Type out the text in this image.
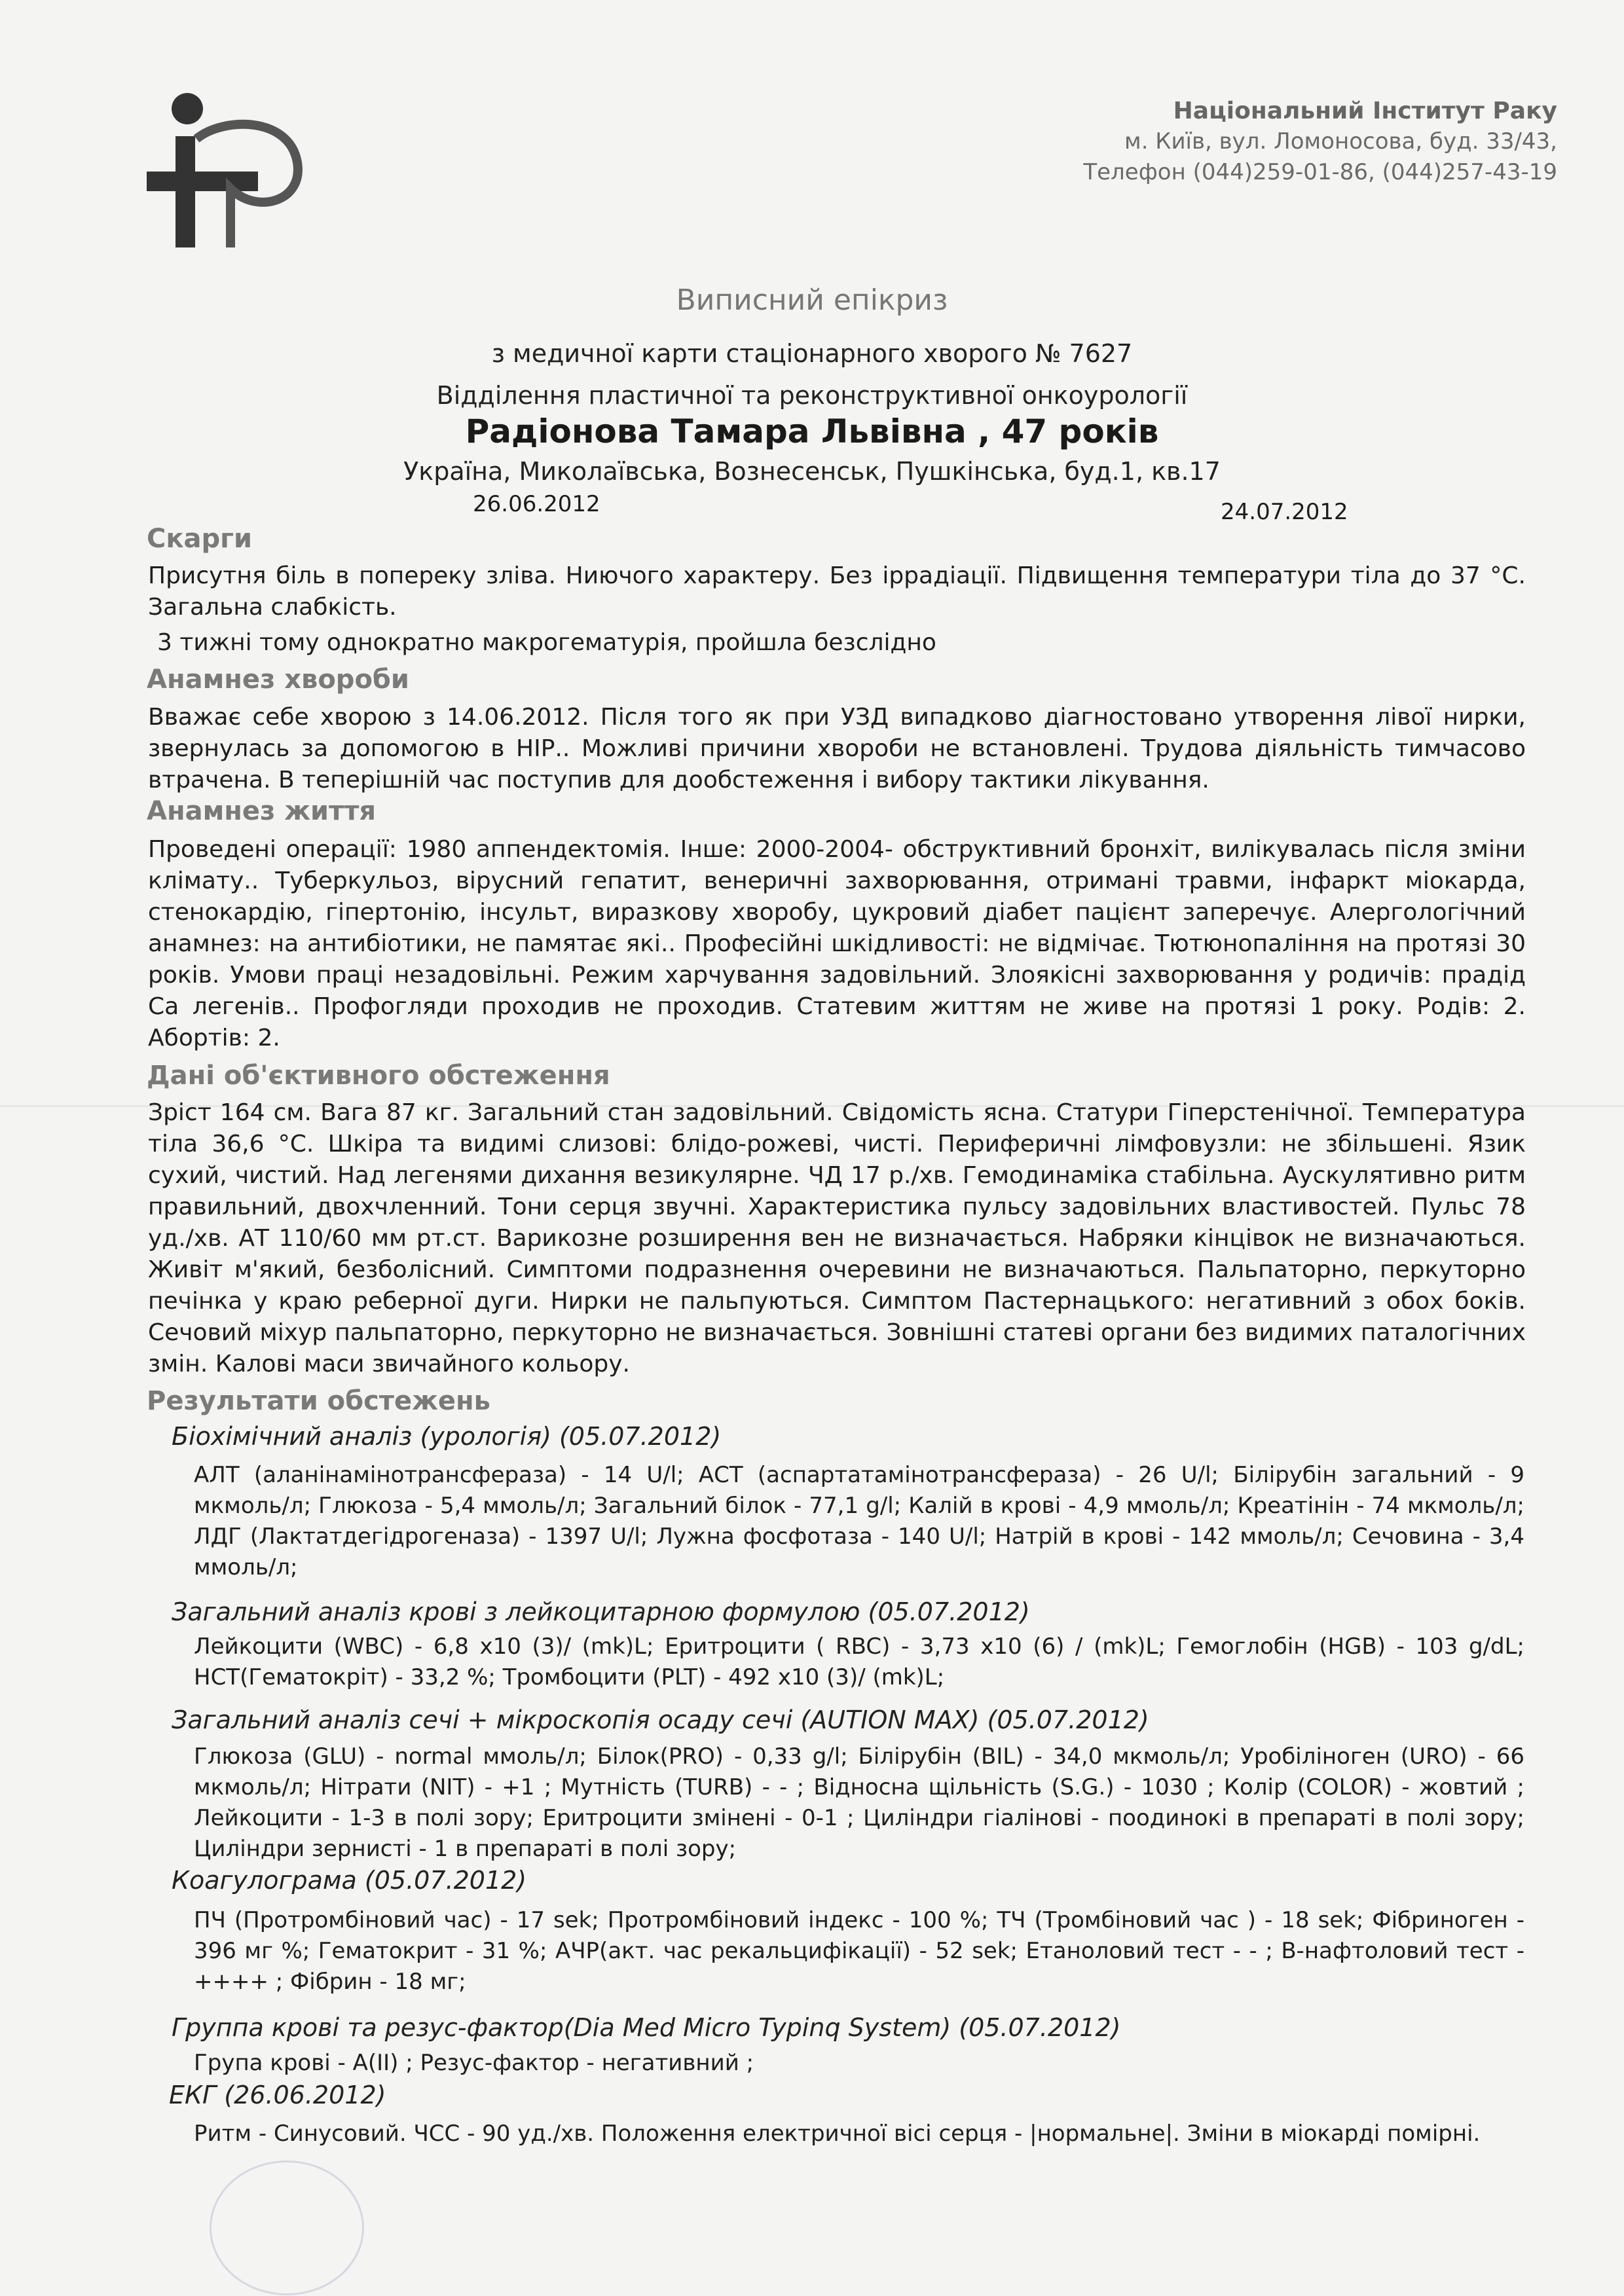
Національний Інститут Раку
м. Київ, вул. Ломоносова, буд. 33/43,
Телефон (044)259-01-86, (044)257-43-19
Виписний епікриз
з медичної карти стаціонарного хворого № 7627
Відділення пластичної та реконструктивної онкоурології
Радіонова Тамара Львівна , 47 років
Україна, Миколаївська, Вознесенськ, Пушкінська, буд.1, кв.17
26.06.2012	24.07.2012
Скарги
Присутня біль в попереку зліва. Ниючого характеру. Без іррадіації. Підвищення температури тіла до 37 °C. Загальна слабкість.
3 тижні тому однократно макрогематурія, пройшла безслідно
Анамнез хвороби
Вважає себе хворою з 14.06.2012. Після того як при УЗД випадково діагностовано утворення лівої нирки, звернулась за допомогою в НІР.. Можливі причини хвороби не встановлені. Трудова діяльність тимчасово втрачена. В теперішній час поступив для дообстеження і вибору тактики лікування.
Анамнез життя
Проведені операції: 1980 аппендектомія. Інше: 2000-2004- обструктивний бронхіт, вилікувалась після зміни клімату.. Туберкульоз, вірусний гепатит, венеричні захворювання, отримані травми, інфаркт міокарда, стенокардію, гіпертонію, інсульт, виразкову хворобу, цукровий діабет пацієнт заперечує. Алергологічний анамнез: на антибіотики, не памятає які.. Професійні шкідливості: не відмічає. Тютюнопаління на протязі 30 років. Умови праці незадовільні. Режим харчування задовільний. Злоякісні захворювання у родичів: прадід Са легенів.. Профогляди проходив не проходив. Статевим життям не живе на протязі 1 року. Родів: 2. Абортів: 2.
Дані об'єктивного обстеження
Зріст 164 см. Вага 87 кг. Загальний стан задовільний. Свідомість ясна. Статури Гіперстенічної. Температура тіла 36,6 °C. Шкіра та видимі слизові: блідо-рожеві, чисті. Периферичні лімфовузли: не збільшені. Язик сухий, чистий. Над легенями дихання везикулярне. ЧД 17 р./хв. Гемодинаміка стабільна. Аускулятивно ритм правильний, двохчленний. Тони серця звучні. Характеристика пульсу задовільних властивостей. Пульс 78 уд./хв. АТ 110/60 мм рт.ст. Варикозне розширення вен не визначається. Набряки кінцівок не визначаються. Живіт м'який, безболісний. Симптоми подразнення очеревини не визначаються. Пальпаторно, перкуторно печінка у краю реберної дуги. Нирки не пальпуються. Симптом Пастернацького: негативний з обох боків. Сечовий міхур пальпаторно, перкуторно не визначається. Зовнішні статеві органи без видимих паталогічних змін. Калові маси звичайного кольору.
Результати обстежень
Біохімічний аналіз (урологія) (05.07.2012)
АЛТ (аланінамінотрансфераза) - 14 U/l; АСТ (аспартатамінотрансфераза) - 26 U/l; Білірубін загальний - 9 мкмоль/л; Глюкоза - 5,4 ммоль/л; Загальний білок - 77,1 g/l; Калій в крові - 4,9 ммоль/л; Креатінін - 74 мкмоль/л; ЛДГ (Лактатдегідрогеназа) - 1397 U/l; Лужна фосфотаза - 140 U/l; Натрій в крові - 142 ммоль/л; Сечовина - 3,4 ммоль/л;
Загальний аналіз крові з лейкоцитарною формулою (05.07.2012)
Лейкоцити (WBC) - 6,8 x10 (3)/ (mk)L; Еритроцити ( RBC) - 3,73 x10 (6) / (mk)L; Гемоглобін (HGB) - 103 g/dL; НСТ(Гематокріт) - 33,2 %; Тромбоцити (PLT) - 492 x10 (3)/ (mk)L;
Загальний аналіз сечі + мікроскопія осаду сечі (AUTION MAX) (05.07.2012)
Глюкоза (GLU) - normal ммоль/л; Білок(PRO) - 0,33 g/l; Білірубін (BIL) - 34,0 мкмоль/л; Уробіліноген (URO) - 66 мкмоль/л; Нітрати (NIT) - +1 ; Мутність (TURB) - - ; Відносна щільність (S.G.) - 1030 ; Колір (COLOR) - жовтий ; Лейкоцити - 1-3 в полі зору; Еритроцити змінені - 0-1 ; Циліндри гіалінові - поодинокі в препараті в полі зору; Циліндри зернисті - 1 в препараті в полі зору;
Коагулограма (05.07.2012)
ПЧ (Протромбіновий час) - 17 sek; Протромбіновий індекс - 100 %; ТЧ (Тромбіновий час ) - 18 sek; Фібриноген - 396 мг %; Гематокрит - 31 %; АЧР(акт. час рекальцифікації) - 52 sek; Етаноловий тест - - ; В-нафтоловий тест - ++++ ; Фібрин - 18 мг;
Группа крові та резус-фактор(Dia Med Micro Typinq System) (05.07.2012)
Група крові - A(II) ; Резус-фактор - негативний ;
ЕКГ (26.06.2012)
Ритм - Синусовий. ЧСС - 90 уд./хв. Положення електричної вісі серця - |нормальне|. Зміни в міокарді помірні.
